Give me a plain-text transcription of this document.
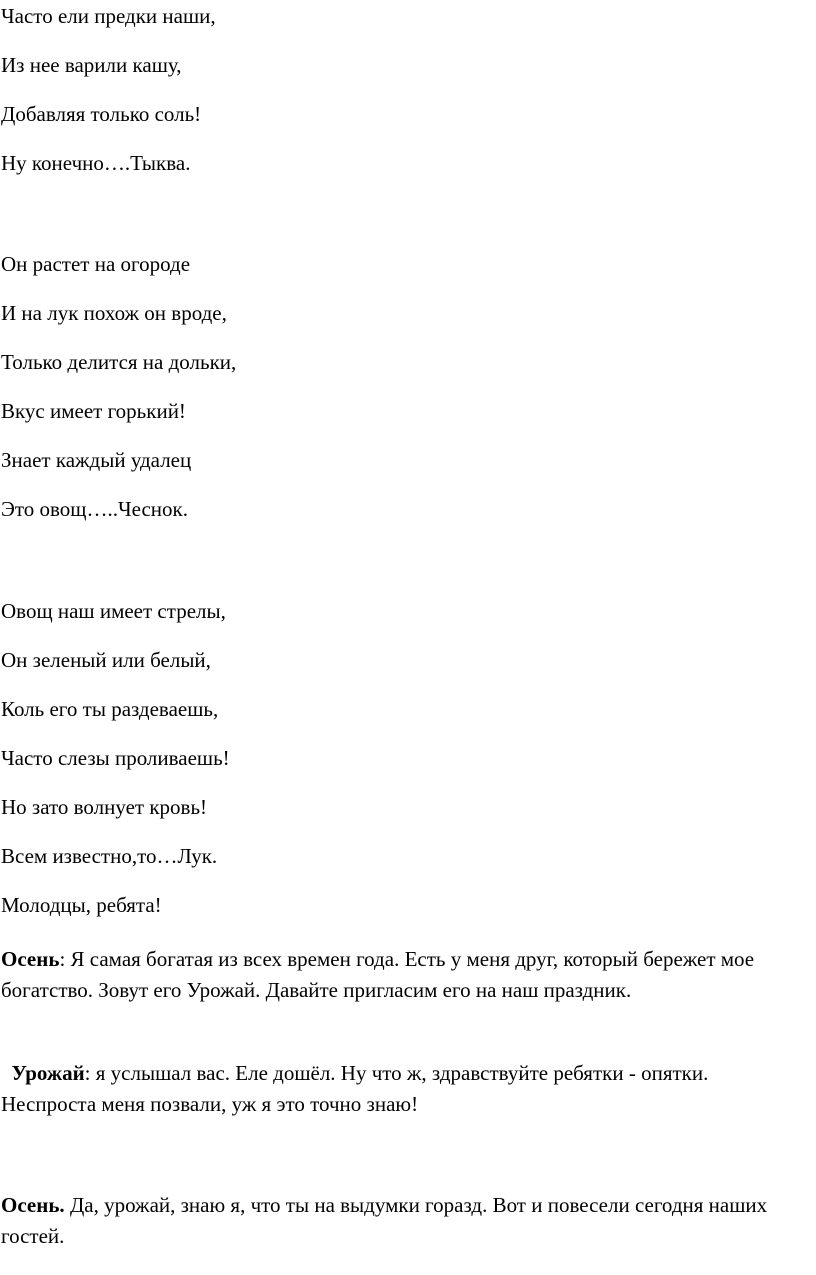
Часто ели предки наши,

Из нее варили кашу,

Добавляя только соль!

Ну конечно….Тыква.

Он растет на огороде

И на лук похож он вроде,

Только делится на дольки,

Вкус имеет горький!

Знает каждый удалец

Это овощ…..Чеснок.

Овощ наш имеет стрелы,

Он зеленый или белый,

Коль его ты раздеваешь,

Часто слезы проливаешь!

Но зато волнует кровь!

Всем известно,то…Лук.

Молодцы, ребята!

Осень: Я самая богатая из всех времен года. Есть у меня друг, который бережет мое богатство. Зовут его Урожай. Давайте пригласим его на наш праздник.

Урожай: я услышал вас. Еле дошёл. Ну что ж, здравствуйте ребятки - опятки. Неспроста меня позвали, уж я это точно знаю!

Осень. Да, урожай, знаю я, что ты на выдумки горазд. Вот и повесели сегодня наших гостей.
